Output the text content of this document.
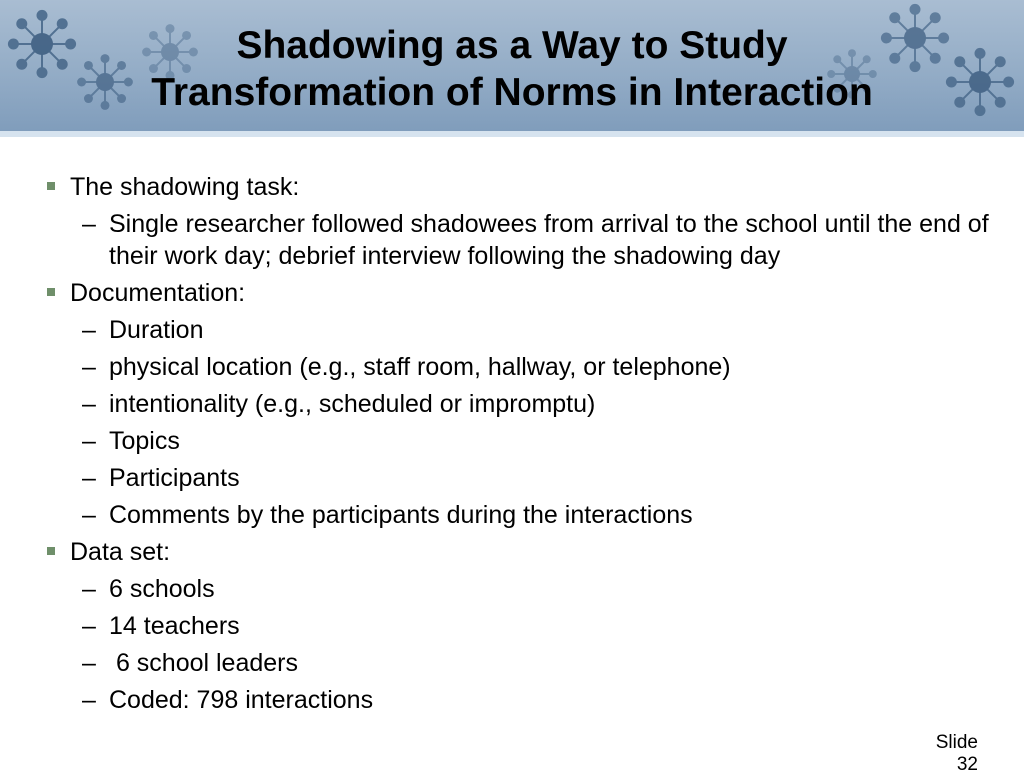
Shadowing as a Way to Study
Transformation of Norms in Interaction
The shadowing task:
– Single researcher followed shadowees from arrival to the school until the end of their work day; debrief interview following the shadowing day
Documentation:
– Duration
– physical location (e.g., staff room, hallway, or telephone)
– intentionality (e.g., scheduled or impromptu)
– Topics
– Participants
– Comments by the participants during the interactions
Data set:
– 6 schools
– 14 teachers
– 6 school leaders
– Coded: 798 interactions
Slide
32
